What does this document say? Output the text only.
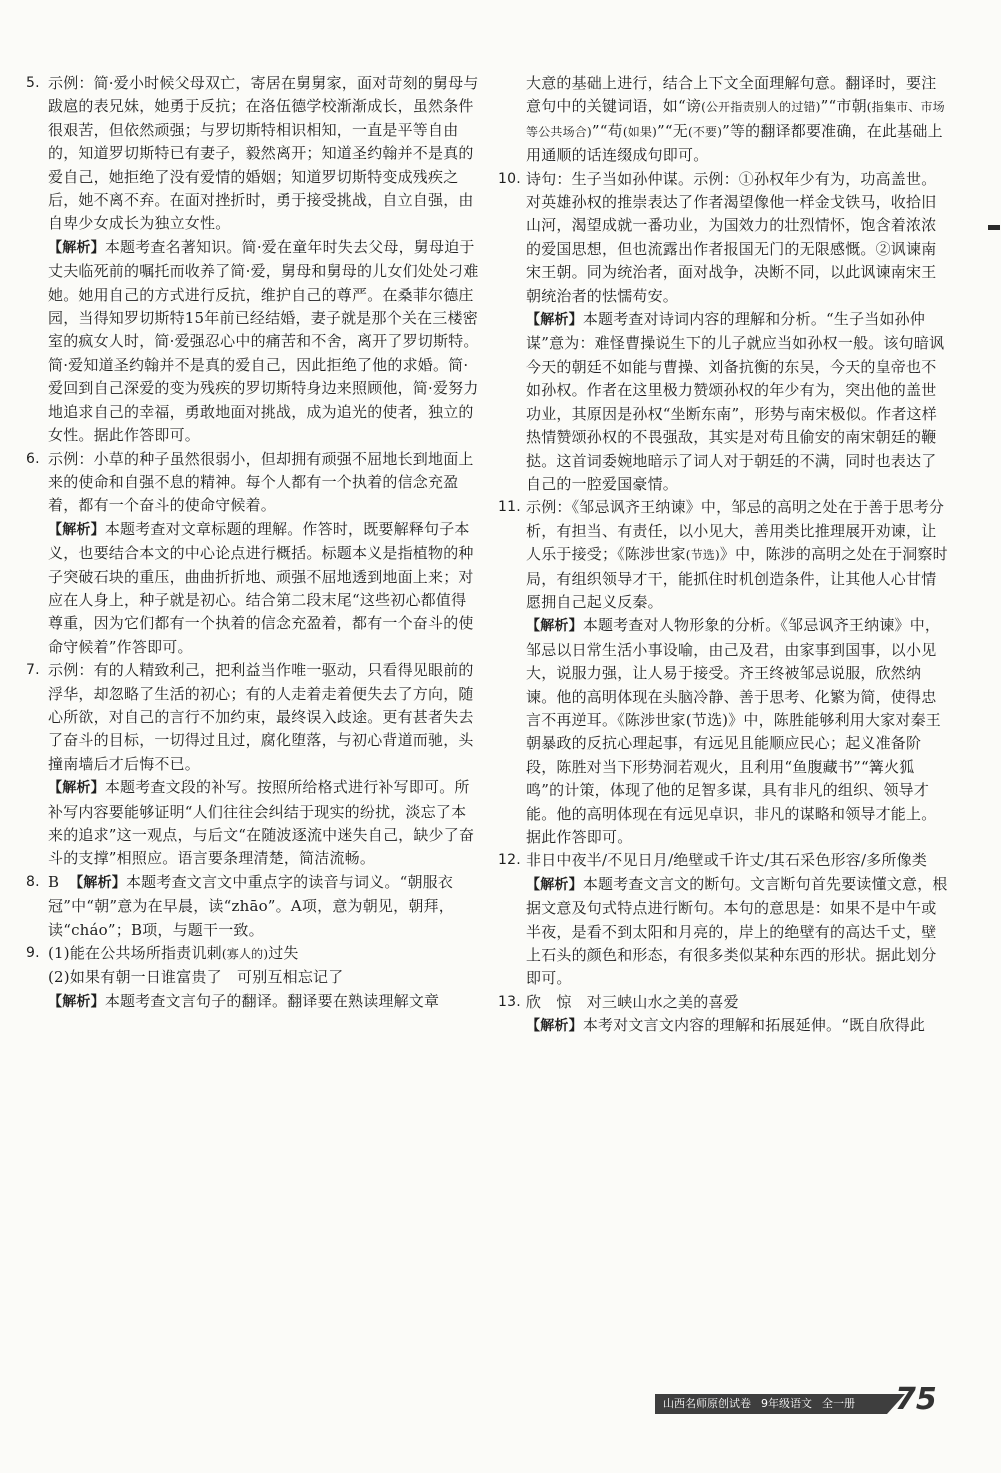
5. 示例：简·爱小时候父母双亡，寄居在舅舅家，面对苛刻的舅母与跋扈的表兄妹，她勇于反抗；在洛伍德学校渐渐成长，虽然条件很艰苦，但依然顽强；与罗切斯特相识相知，一直是平等自由的，知道罗切斯特已有妻子，毅然离开；知道圣约翰并不是真的爱自己，她拒绝了没有爱情的婚姻；知道罗切斯特变成残疾之后，她不离不弃。在面对挫折时，勇于接受挑战，自立自强，由自卑少女成长为独立女性。
【解析】本题考查名著知识。简·爱在童年时失去父母，舅母迫于丈夫临死前的嘱托而收养了简·爱，舅母和舅母的儿女们处处刁难她。她用自己的方式进行反抗，维护自己的尊严。在桑菲尔德庄园，当得知罗切斯特15年前已经结婚，妻子就是那个关在三楼密室的疯女人时，简·爱强忍心中的痛苦和不舍，离开了罗切斯特。简·爱知道圣约翰并不是真的爱自己，因此拒绝了他的求婚。简·爱回到自己深爱的变为残疾的罗切斯特身边来照顾他，简·爱努力地追求自己的幸福，勇敢地面对挑战，成为追光的使者，独立的女性。据此作答即可。
6. 示例：小草的种子虽然很弱小，但却拥有顽强不屈地长到地面上来的使命和自强不息的精神。每个人都有一个执着的信念充盈着，都有一个奋斗的使命守候着。
【解析】本题考查对文章标题的理解。作答时，既要解释句子本义，也要结合本文的中心论点进行概括。标题本义是指植物的种子突破石块的重压，曲曲折折地、顽强不屈地透到地面上来；对应在人身上，种子就是初心。结合第二段末尾“这些初心都值得尊重，因为它们都有一个执着的信念充盈着，都有一个奋斗的使命守候着”作答即可。
7. 示例：有的人精致利己，把利益当作唯一驱动，只看得见眼前的浮华，却忽略了生活的初心；有的人走着走着便失去了方向，随心所欲，对自己的言行不加约束，最终误入歧途。更有甚者失去了奋斗的目标，一切得过且过，腐化堕落，与初心背道而驰，头撞南墙后才后悔不已。
【解析】本题考查文段的补写。按照所给格式进行补写即可。所补写内容要能够证明“人们往往会纠结于现实的纷扰，淡忘了本来的追求”这一观点，与后文“在随波逐流中迷失自己，缺少了奋斗的支撑”相照应。语言要条理清楚，简洁流畅。
8. B 【解析】本题考查文言文中重点字的读音与词义。“朝服衣冠”中“朝”意为在早晨，读“zhāo”。A项，意为朝见，朝拜，读“cháo”；B项，与题干一致。
9. (1)能在公共场所指责讥刺(寡人的)过失
(2)如果有朝一日谁富贵了　可别互相忘记了
【解析】本题考查文言句子的翻译。翻译要在熟读理解文章
大意的基础上进行，结合上下文全面理解句意。翻译时，要注意句中的关键词语，如“谤(公开指责别人的过错)”“市朝(指集市、市场等公共场合)”“苟(如果)”“无(不要)”等的翻译都要准确，在此基础上用通顺的话连缀成句即可。
10. 诗句：生子当如孙仲谋。示例：①孙权年少有为，功高盖世。对英雄孙权的推崇表达了作者渴望像他一样金戈铁马，收拾旧山河，渴望成就一番功业，为国效力的壮烈情怀，饱含着浓浓的爱国思想，但也流露出作者报国无门的无限感慨。②讽谏南宋王朝。同为统治者，面对战争，决断不同，以此讽谏南宋王朝统治者的怯懦苟安。
【解析】本题考查对诗词内容的理解和分析。“生子当如孙仲谋”意为：难怪曹操说生下的儿子就应当如孙权一般。该句暗讽今天的朝廷不如能与曹操、刘备抗衡的东吴，今天的皇帝也不如孙权。作者在这里极力赞颂孙权的年少有为，突出他的盖世功业，其原因是孙权“坐断东南”，形势与南宋极似。作者这样热情赞颂孙权的不畏强敌，其实是对苟且偷安的南宋朝廷的鞭挞。这首词委婉地暗示了词人对于朝廷的不满，同时也表达了自己的一腔爱国豪情。
11. 示例：《邹忌讽齐王纳谏》中，邹忌的高明之处在于善于思考分析，有担当、有责任，以小见大，善用类比推理展开劝谏，让人乐于接受；《陈涉世家(节选)》中，陈涉的高明之处在于洞察时局，有组织领导才干，能抓住时机创造条件，让其他人心甘情愿拥自己起义反秦。
【解析】本题考查对人物形象的分析。《邹忌讽齐王纳谏》中，邹忌以日常生活小事设喻，由己及君，由家事到国事，以小见大，说服力强，让人易于接受。齐王终被邹忌说服，欣然纳谏。他的高明体现在头脑冷静、善于思考、化繁为简，使得忠言不再逆耳。《陈涉世家(节选)》中，陈胜能够利用大家对秦王朝暴政的反抗心理起事，有远见且能顺应民心；起义准备阶段，陈胜对当下形势洞若观火，且利用“鱼腹藏书”“篝火狐鸣”的计策，体现了他的足智多谋，具有非凡的组织、领导才能。他的高明体现在有远见卓识，非凡的谋略和领导才能上。据此作答即可。
12. 非日中夜半/不见日月/绝壁或千许丈/其石采色形容/多所像类
【解析】本题考查文言文的断句。文言断句首先要读懂文意，根据文意及句式特点进行断句。本句的意思是：如果不是中午或半夜，是看不到太阳和月亮的，岸上的绝壁有的高达千丈，壁上石头的颜色和形态，有很多类似某种东西的形状。据此划分即可。
13. 欣　惊　对三峡山水之美的喜爱
【解析】本考对文言文内容的理解和拓展延伸。“既自欣得此
山西名师原创试卷 9年级语文 全一册	75
